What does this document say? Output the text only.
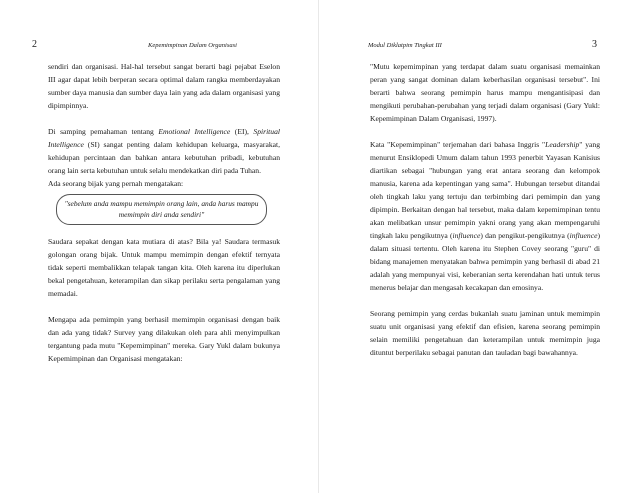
2	Kepemimpinan Dalam Organisasi

sendiri dan organisasi. Hal-hal tersebut sangat berarti bagi pejabat Eselon III agar dapat lebih berperan secara optimal dalam rangka memberdayakan sumber daya manusia dan sumber daya lain yang ada dalam organisasi yang dipimpinnya.

Di samping pemahaman tentang Emotional Intelligence (EI), Spiritual Intelligence (SI) sangat penting dalam kehidupan keluarga, masyarakat, kehidupan percintaan dan bahkan antara kebutuhan pribadi, kebutuhan orang lain serta kebutuhan untuk selalu mendekatkan diri pada Tuhan.
Ada seorang bijak yang pernah mengatakan:

"sebelum anda mampu memimpin orang lain, anda harus mampu memimpin diri anda sendiri"

Saudara sepakat dengan kata mutiara di atas? Bila ya! Saudara termasuk golongan orang bijak. Untuk mampu memimpin dengan efektif ternyata tidak seperti membalikkan telapak tangan kita. Oleh karena itu diperlukan bekal pengetahuan, keterampilan dan sikap perilaku serta pengalaman yang memadai.

Mengapa ada pemimpin yang berhasil memimpin organisasi dengan baik dan ada yang tidak? Survey yang dilakukan oleh para ahli menyimpulkan tergantung pada mutu "Kepemimpinan" mereka. Gary Yukl dalam bukunya Kepemimpinan dan Organisasi mengatakan:

Modul Diklatpim Tingkat III	3

"Mutu kepemimpinan yang terdapat dalam suatu organisasi memainkan peran yang sangat dominan dalam keberhasilan organisasi tersebut". Ini berarti bahwa seorang pemimpin harus mampu mengantisipasi dan mengikuti perubahan-perubahan yang terjadi dalam organisasi (Gary Yukl: Kepemimpinan Dalam Organisasi, 1997).

Kata "Kepemimpinan" terjemahan dari bahasa Inggris "Leadership" yang menurut Ensiklopedi Umum dalam tahun 1993 penerbit Yayasan Kanisius diartikan sebagai "hubungan yang erat antara seorang dan kelompok manusia, karena ada kepentingan yang sama". Hubungan tersebut ditandai oleh tingkah laku yang tertuju dan terbimbing dari pemimpin dan yang dipimpin. Berkaitan dengan hal tersebut, maka dalam kepemimpinan tentu akan melibatkan unsur pemimpin yakni orang yang akan mempengaruhi tingkah laku pengikutnya (influence) dan pengikut-pengikutnya (influence) dalam situasi tertentu. Oleh karena itu Stephen Covey seorang "guru" di bidang manajemen menyatakan bahwa pemimpin yang berhasil di abad 21 adalah yang mempunyai visi, keberanian serta kerendahan hati untuk terus menerus belajar dan mengasah kecakapan dan emosinya.

Seorang pemimpin yang cerdas bukanlah suatu jaminan untuk memimpin suatu unit organisasi yang efektif dan efisien, karena seorang pemimpin selain memiliki pengetahuan dan keterampilan untuk memimpin juga dituntut berperilaku sebagai panutan dan tauladan bagi bawahannya.
